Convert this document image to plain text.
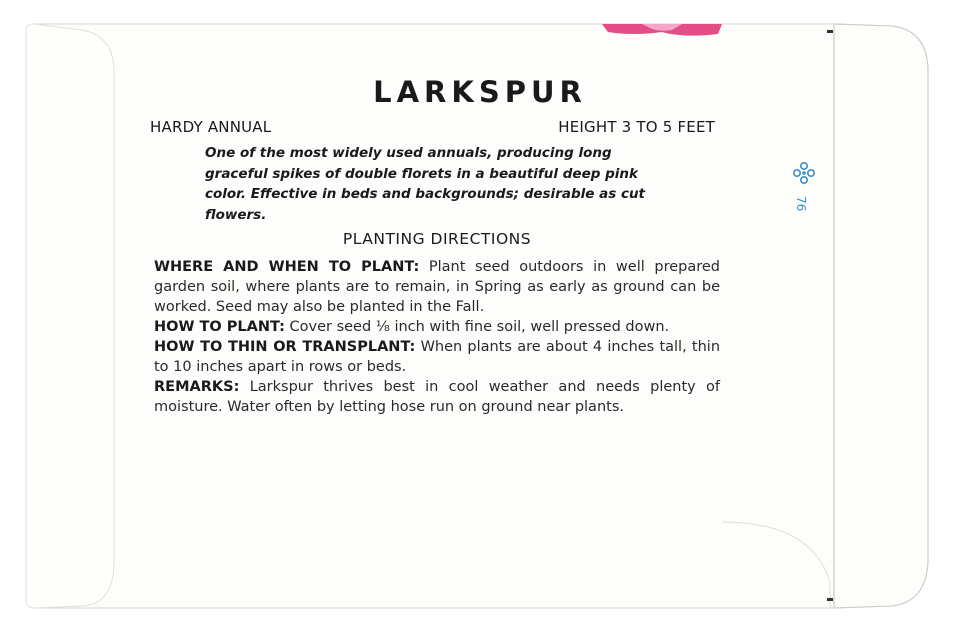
LARKSPUR
HARDY ANNUAL	HEIGHT 3 TO 5 FEET
One of the most widely used annuals, producing long graceful spikes of double florets in a beautiful deep pink color. Effective in beds and backgrounds; desirable as cut flowers.
PLANTING DIRECTIONS

WHERE AND WHEN TO PLANT: Plant seed outdoors in well prepared garden soil, where plants are to remain, in Spring as early as ground can be worked. Seed may also be planted in the Fall.

HOW TO PLANT: Cover seed ⅛ inch with fine soil, well pressed down.

HOW TO THIN OR TRANSPLANT: When plants are about 4 inches tall, thin to 10 inches apart in rows or beds.

REMARKS: Larkspur thrives best in cool weather and needs plenty of moisture. Water often by letting hose run on ground near plants.

76
